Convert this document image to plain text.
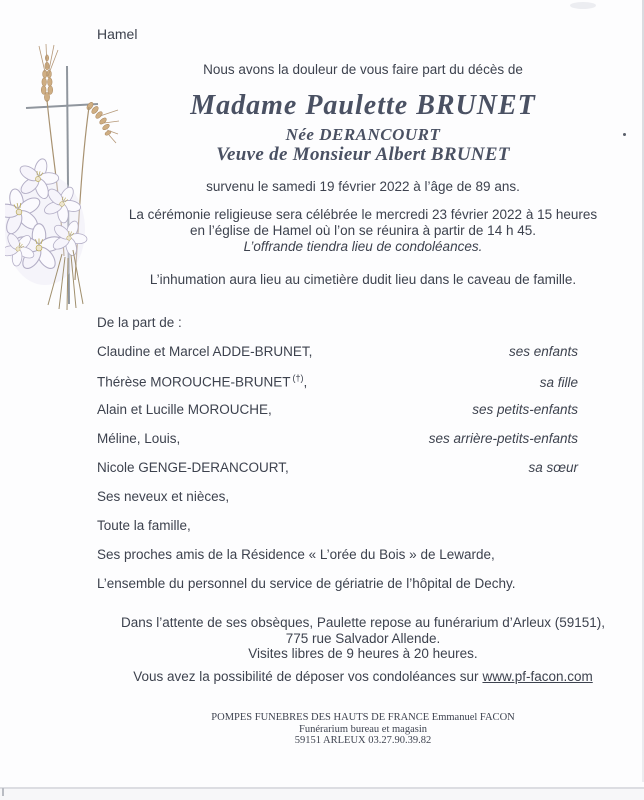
Hamel
Nous avons la douleur de vous faire part du décès de
Madame Paulette BRUNET
Née DERANCOURT
Veuve de Monsieur Albert BRUNET
survenu le samedi 19 février 2022 à l’âge de 89 ans.
La cérémonie religieuse sera célébrée le mercredi 23 février 2022 à 15 heures
en l’église de Hamel où l’on se réunira à partir de 14 h 45.
L’offrande tiendra lieu de condoléances.
L’inhumation aura lieu au cimetière dudit lieu dans le caveau de famille.
De la part de :
Claudine et Marcel ADDE-BRUNET,	ses enfants
Thérèse MOROUCHE-BRUNET (†),	sa fille
Alain et Lucille MOROUCHE,	ses petits-enfants
Méline, Louis,	ses arrière-petits-enfants
Nicole GENGE-DERANCOURT,	sa sœur
Ses neveux et nièces,
Toute la famille,
Ses proches amis de la Résidence « L’orée du Bois » de Lewarde,
L’ensemble du personnel du service de gériatrie de l’hôpital de Dechy.
Dans l’attente de ses obsèques, Paulette repose au funérarium d’Arleux (59151),
775 rue Salvador Allende.
Visites libres de 9 heures à 20 heures.
Vous avez la possibilité de déposer vos condoléances sur www.pf-facon.com
POMPES FUNEBRES DES HAUTS DE FRANCE Emmanuel FACON
Funérarium bureau et magasin
59151 ARLEUX 03.27.90.39.82
